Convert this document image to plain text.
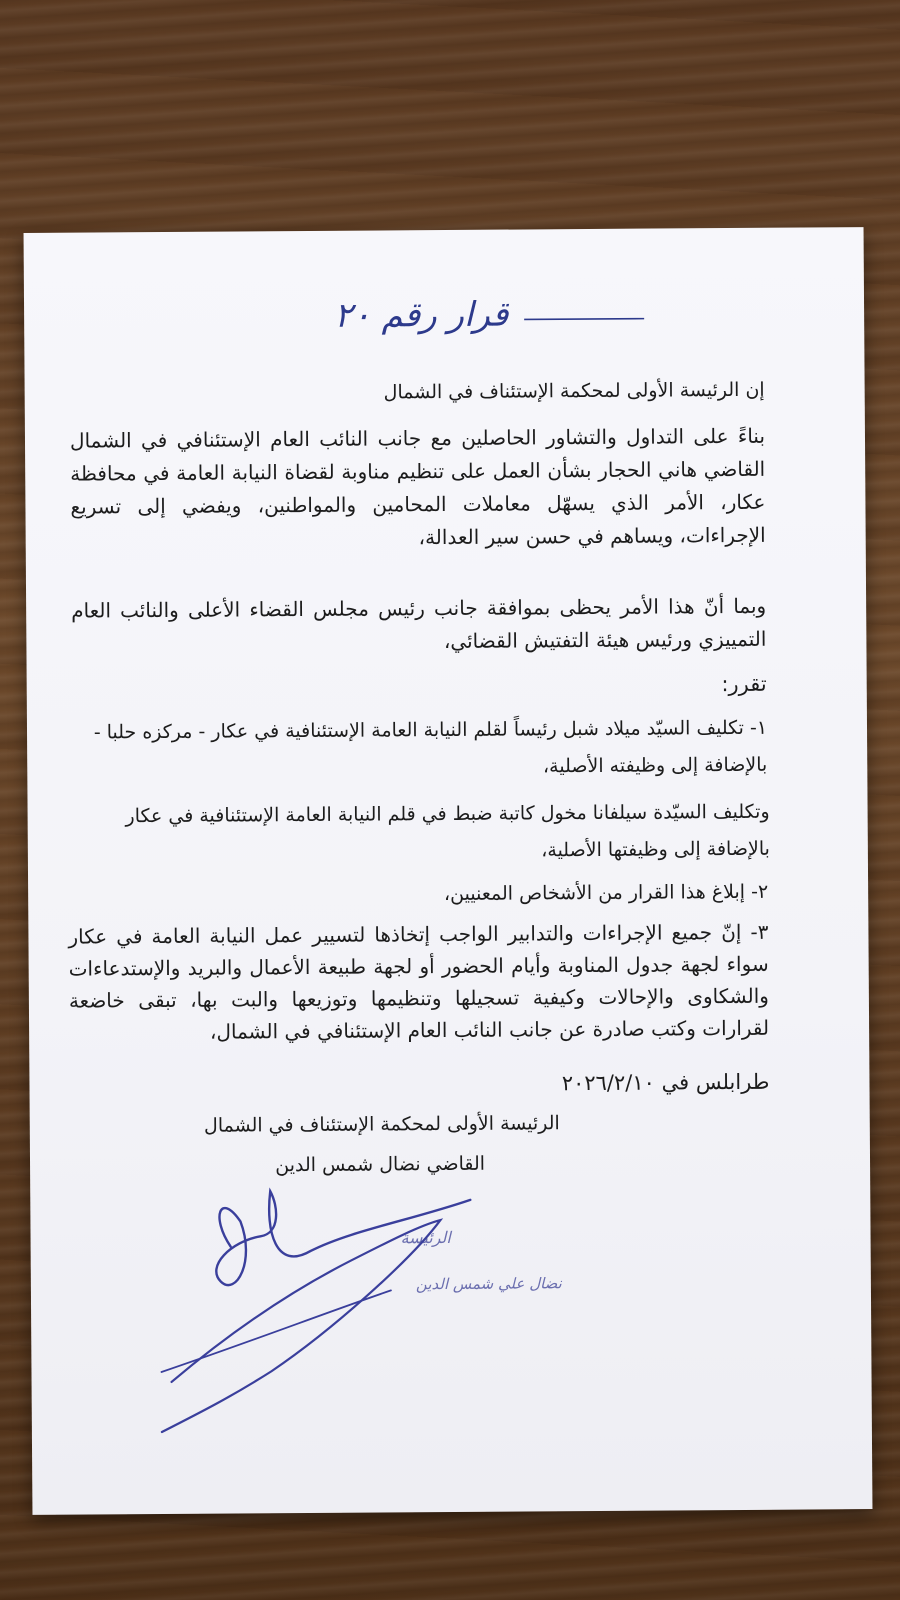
قرار رقم ٢٠
إن الرئيسة الأولى لمحكمة الإستئناف في الشمال
بناءً على التداول والتشاور الحاصلين مع جانب النائب العام الإستئنافي في الشمال القاضي هاني الحجار بشأن العمل على تنظيم مناوبة لقضاة النيابة العامة في محافظة عكار، الأمر الذي يسهّل معاملات المحامين والمواطنين، ويفضي إلى تسريع الإجراءات، ويساهم في حسن سير العدالة،
وبما أنّ هذا الأمر يحظى بموافقة جانب رئيس مجلس القضاء الأعلى والنائب العام التمييزي ورئيس هيئة التفتيش القضائي،
تقرر:
١- تكليف السيّد ميلاد شبل رئيساً لقلم النيابة العامة الإستئنافية في عكار - مركزه حلبا - بالإضافة إلى وظيفته الأصلية،
وتكليف السيّدة سيلفانا مخول كاتبة ضبط في قلم النيابة العامة الإستئنافية في عكار بالإضافة إلى وظيفتها الأصلية،
٢- إبلاغ هذا القرار من الأشخاص المعنيين،
٣- إنّ جميع الإجراءات والتدابير الواجب إتخاذها لتسيير عمل النيابة العامة في عكار سواء لجهة جدول المناوبة وأيام الحضور أو لجهة طبيعة الأعمال والبريد والإستدعاءات والشكاوى والإحالات وكيفية تسجيلها وتنظيمها وتوزيعها والبت بها، تبقى خاضعة لقرارات وكتب صادرة عن جانب النائب العام الإستئنافي في الشمال،
طرابلس في ٢٠٢٦/٢/١٠
الرئيسة الأولى لمحكمة الإستئناف في الشمال
القاضي نضال شمس الدين
الرئيسة
نضال علي شمس الدين
